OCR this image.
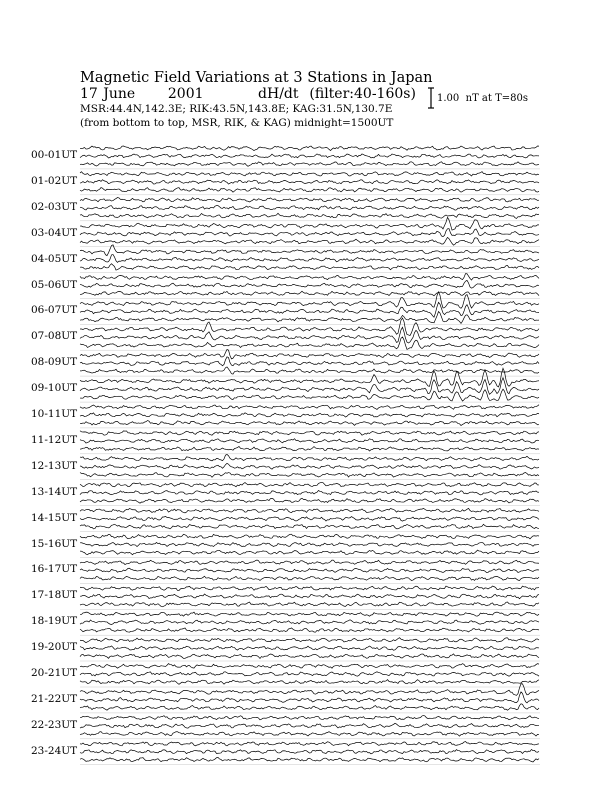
Magnetic Field Variations at 3 Stations in Japan
17 June      2001          dH/dt  (filter:40-160s)
MSR:44.4N,142.3E; RIK:43.5N,143.8E; KAG:31.5N,130.7E
(from bottom to top, MSR, RIK, & KAG) midnight=1500UT
1.00  nT at T=80s
00-01UT
01-02UT
02-03UT
03-04UT
04-05UT
05-06UT
06-07UT
07-08UT
08-09UT
09-10UT
10-11UT
11-12UT
12-13UT
13-14UT
14-15UT
15-16UT
16-17UT
17-18UT
18-19UT
19-20UT
20-21UT
21-22UT
22-23UT
23-24UT
